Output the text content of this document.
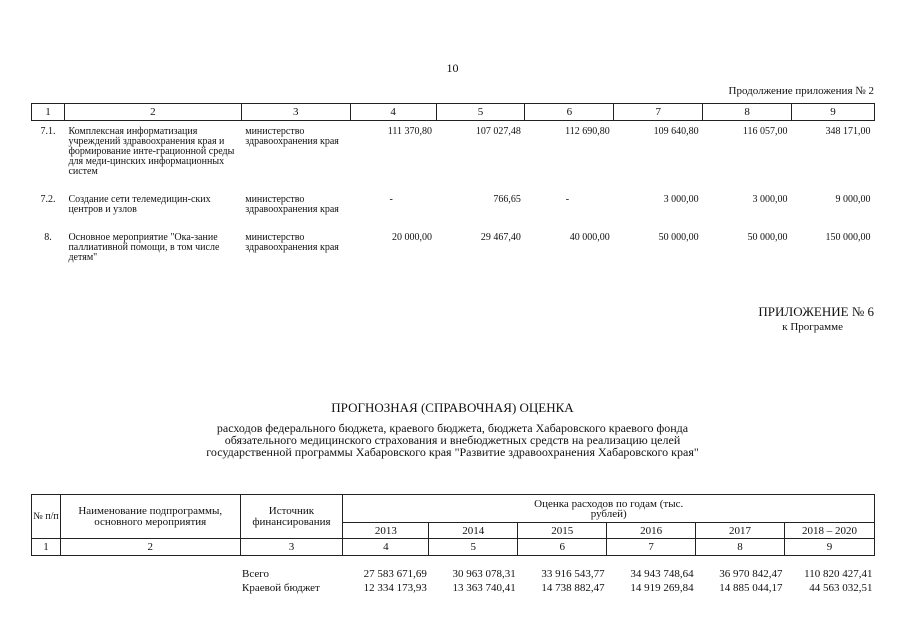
10
Продолжение приложения № 2
1	2	3	4	5	6	7	8	9
7.1.	Комплексная информатизация учреждений здравоохранения края и формирование инте-грационной среды для меди-цинских информационных систем	министерство здравоохранения края	111 370,80	107 027,48	112 690,80	109 640,80	116 057,00	348 171,00
7.2.	Создание сети телемедицин-ских центров и узлов	министерство здравоохранения края	-	766,65	-	3 000,00	3 000,00	9 000,00
8.	Основное мероприятие "Ока-зание паллиативной помощи, в том числе детям"	министерство здравоохранения края	20 000,00	29 467,40	40 000,00	50 000,00	50 000,00	150 000,00
ПРИЛОЖЕНИЕ № 6
к Программе
ПРОГНОЗНАЯ (СПРАВОЧНАЯ) ОЦЕНКА
расходов федерального бюджета, краевого бюджета, бюджета Хабаровского краевого фонда
обязательного медицинского страхования и внебюджетных средств на реализацию целей
государственной программы Хабаровского края "Развитие здравоохранения Хабаровского края"
№ п/п	Наименование подпрограммы, основного мероприятия	Источник финансирования	Оценка расходов по годам (тыс. рублей)					
			2013	2014	2015	2016	2017	2018 – 2020
1	2	3	4	5	6	7	8	9
		Всего	27 583 671,69	30 963 078,31	33 916 543,77	34 943 748,64	36 970 842,47	110 820 427,41
		Краевой бюджет	12 334 173,93	13 363 740,41	14 738 882,47	14 919 269,84	14 885 044,17	44 563 032,51
